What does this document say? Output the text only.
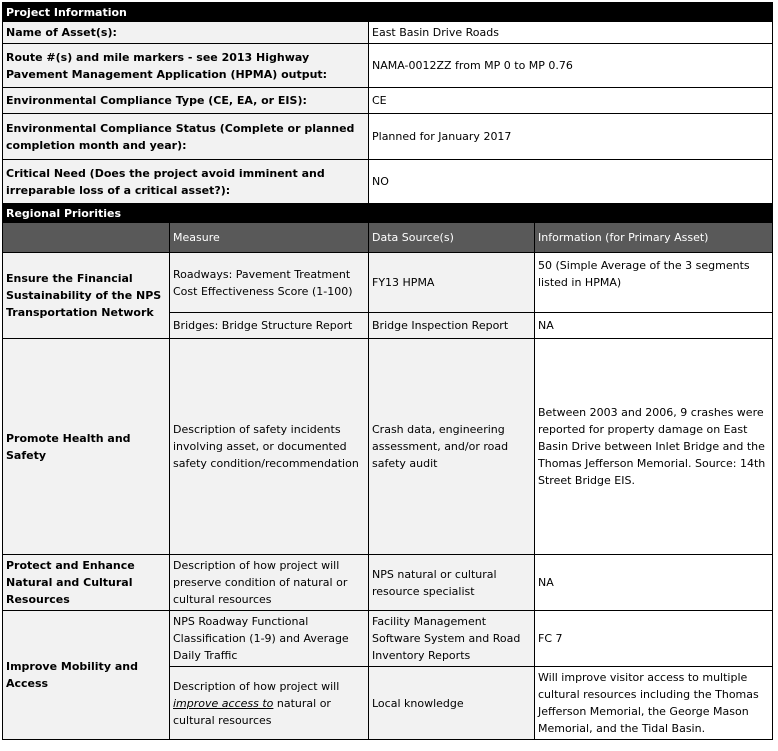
Project Information			
Name of Asset(s):		East Basin Drive Roads	
Route #(s) and mile markers - see 2013 Highway Pavement Management Application (HPMA) output:		NAMA-0012ZZ from MP 0 to MP 0.76	
Environmental Compliance Type (CE, EA, or EIS):		CE	
Environmental Compliance Status (Complete or planned completion month and year):		Planned for January 2017	
Critical Need (Does the project avoid imminent and irreparable loss of a critical asset?):		NO	
Regional Priorities			
	Measure	Data Source(s)	Information (for Primary Asset)
Ensure the Financial Sustainability of the NPS Transportation Network	Roadways: Pavement Treatment Cost Effectiveness Score (1-100)	FY13 HPMA	50 (Simple Average of the 3 segments listed in HPMA)
	Bridges: Bridge Structure Report	Bridge Inspection Report	NA
Promote Health and Safety	Description of safety incidents involving asset, or documented safety condition/recommendation	Crash data, engineering assessment, and/or road safety audit	Between 2003 and 2006, 9 crashes were reported for property damage on East Basin Drive between Inlet Bridge and the Thomas Jefferson Memorial. Source: 14th Street Bridge EIS.
Protect and Enhance Natural and Cultural Resources	Description of how project will preserve condition of natural or cultural resources	NPS natural or cultural resource specialist	NA
Improve Mobility and Access	NPS Roadway Functional Classification (1-9) and Average Daily Traffic	Facility Management Software System and Road Inventory Reports	FC 7
	Description of how project will improve access to natural or cultural resources	Local knowledge	Will improve visitor access to multiple cultural resources including the Thomas Jefferson Memorial, the George Mason Memorial, and the Tidal Basin.
